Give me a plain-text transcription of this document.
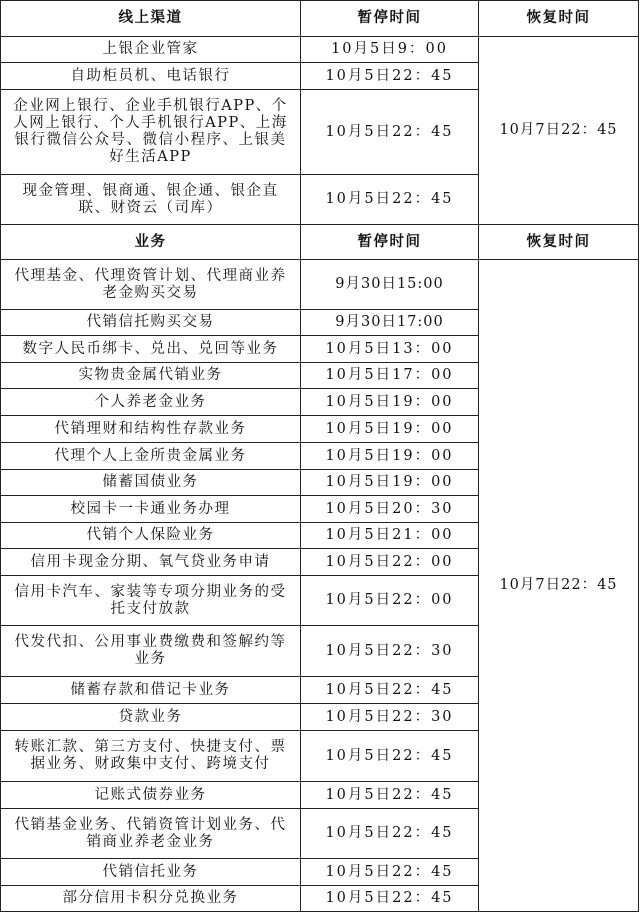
线上渠道	暂停时间	恢复时间
上银企业管家	10月5日9：00	10月7日22：45
自助柜员机、电话银行	10月5日22：45	
企业网上银行、企业手机银行APP、个人网上银行、个人手机银行APP、上海银行微信公众号、微信小程序、上银美好生活APP	10月5日22：45	
现金管理、银商通、银企通、银企直联、财资云（司库）	10月5日22：45	
业务	暂停时间	恢复时间
代理基金、代理资管计划、代理商业养老金购买交易	9月30日15:00	10月7日22：45
代销信托购买交易	9月30日17:00	
数字人民币绑卡、兑出、兑回等业务	10月5日13：00	
实物贵金属代销业务	10月5日17：00	
个人养老金业务	10月5日19：00	
代销理财和结构性存款业务	10月5日19：00	
代理个人上金所贵金属业务	10月5日19：00	
储蓄国债业务	10月5日19：00	
校园卡一卡通业务办理	10月5日20：30	
代销个人保险业务	10月5日21：00	
信用卡现金分期、氧气贷业务申请	10月5日22：00	
信用卡汽车、家装等专项分期业务的受托支付放款	10月5日22：00	
代发代扣、公用事业费缴费和签解约等业务	10月5日22：30	
储蓄存款和借记卡业务	10月5日22：45	
贷款业务	10月5日22：30	
转账汇款、第三方支付、快捷支付、票据业务、财政集中支付、跨境支付	10月5日22：45	
记账式债券业务	10月5日22：45	
代销基金业务、代销资管计划业务、代销商业养老金业务	10月5日22：45	
代销信托业务	10月5日22：45	
部分信用卡积分兑换业务	10月5日22：45	
